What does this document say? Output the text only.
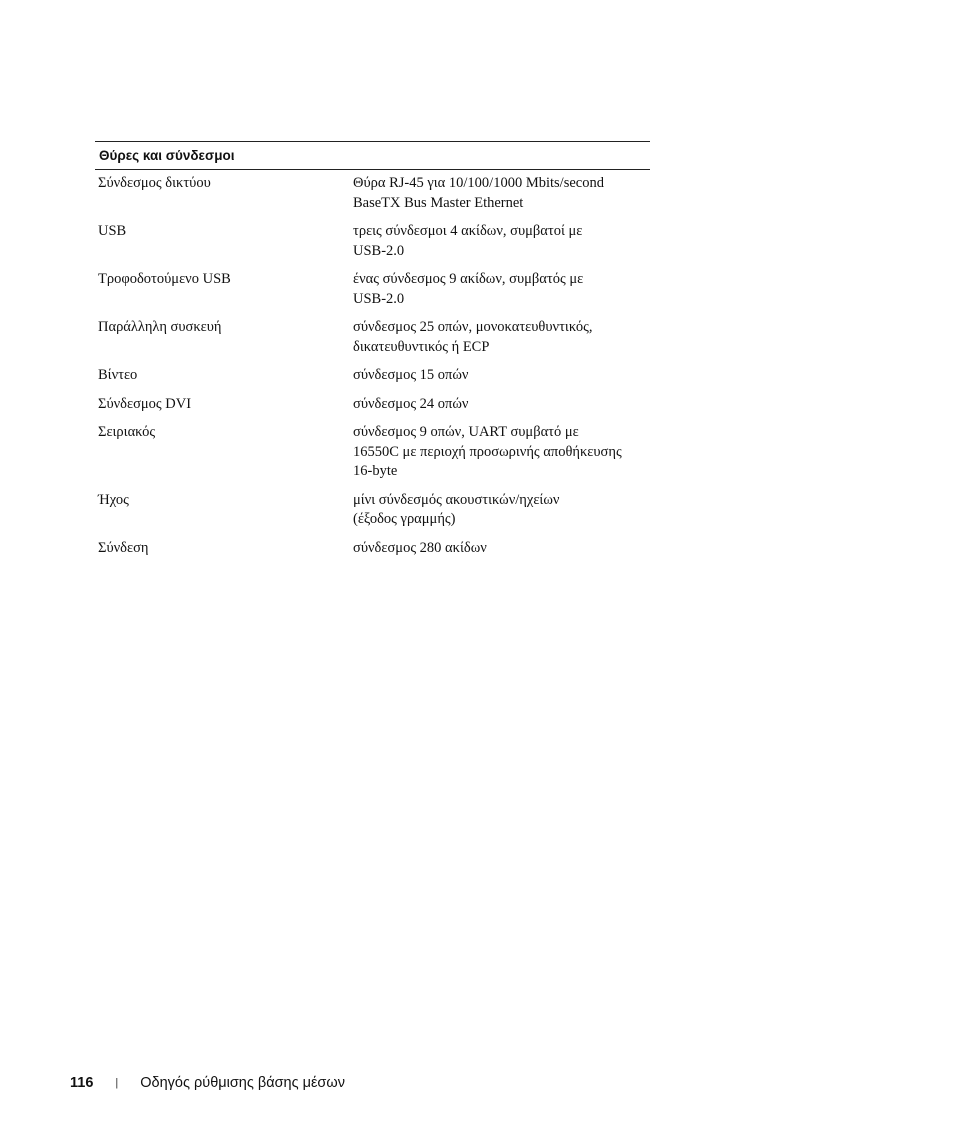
Θύρες και σύνδεσμοι
Σύνδεσμος δικτύου	Θύρα RJ-45 για 10/100/1000 Mbits/second
BaseTX Bus Master Ethernet
USB	τρεις σύνδεσμοι 4 ακίδων, συμβατοί με
USB-2.0
Τροφοδοτούμενο USB	ένας σύνδεσμος 9 ακίδων, συμβατός με
USB-2.0
Παράλληλη συσκευή	σύνδεσμος 25 οπών, μονοκατευθυντικός,
δικατευθυντικός ή ECP
Βίντεο	σύνδεσμος 15 οπών
Σύνδεσμος DVI	σύνδεσμος 24 οπών
Σειριακός	σύνδεσμος 9 οπών, UART συμβατό με
16550C με περιοχή προσωρινής αποθήκευσης
16-byte
Ήχος	μίνι σύνδεσμός ακουστικών/ηχείων
(έξοδος γραμμής)
Σύνδεση	σύνδεσμος 280 ακίδων
116 | Οδηγός ρύθμισης βάσης μέσων
